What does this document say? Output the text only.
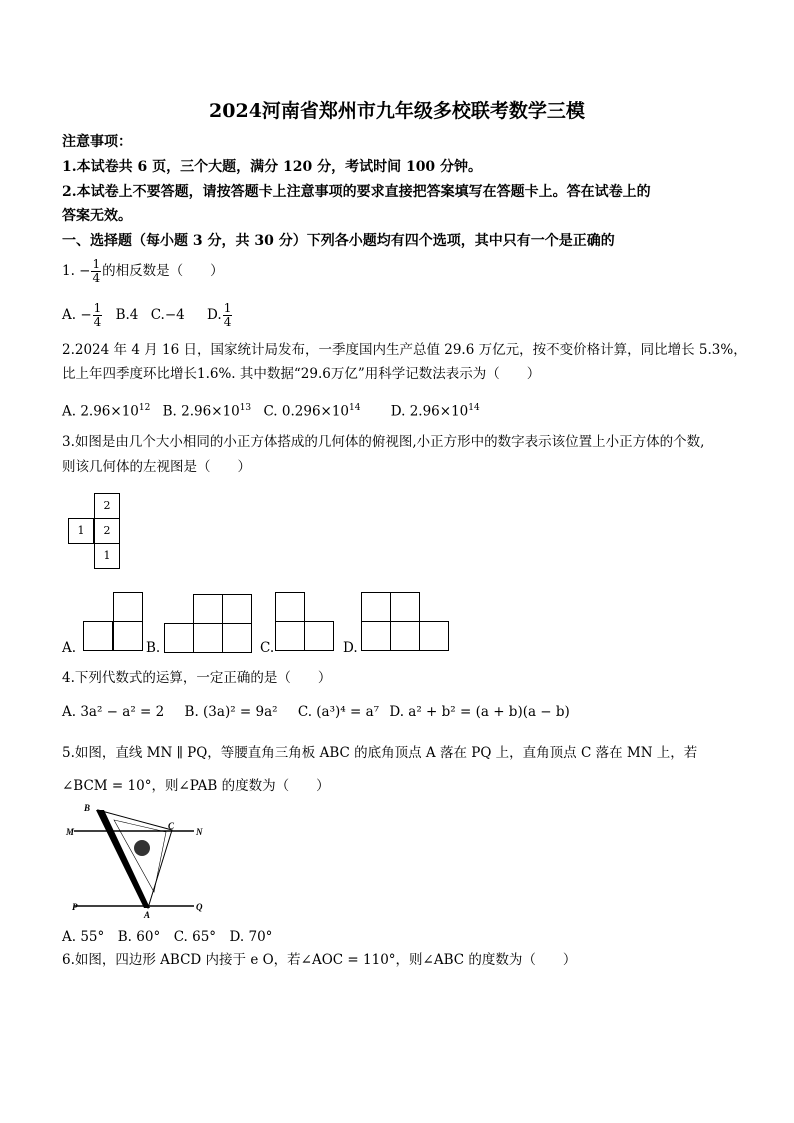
2024河南省郑州市九年级多校联考数学三模
注意事项：
1.本试卷共 6 页，三个大题，满分 120 分，考试时间 100 分钟。
2.本试卷上不要答题，请按答题卡上注意事项的要求直接把答案填写在答题卡上。答在试卷上的
答案无效。
一、选择题（每小题 3 分，共 30 分）下列各小题均有四个选项，其中只有一个是正确的
1. − $\frac{1}{4}$ 的相反数是（　　）
A. − $\frac{1}{4} B.4$ C.−4 D. $\frac{1}{4}$
2.2024 年 4 月 16 日，国家统计局发布，一季度国内生产总值 29.6 万亿元，按不变价格计算，同比增长 5.3%，
比上年四季度环比增长1.6%. 其中数据“29.6万亿”用科学记数法表示为（　　）
A. $2.96\times 10^{12}$ B. $2.96\times 10^{13}$ C. $0.296\times 10^{14}$ D. $2.96\times 10^{14}$
3.如图是由几个大小相同的小正方体搭成的几何体的俯视图,小正方形中的数字表示该位置上小正方体的个数,
则该几何体的左视图是（　　）
2
1	2
1
A.	B.	C.	D.
4.下列代数式的运算，一定正确的是（　　）
A. 3a² − a² = 2 B. (3a)² = 9a² C. (a³)⁴ = a⁷ D. a² + b² = (a + b)(a − b)
5.如图，直线 MN ∥ PQ，等腰直角三角板 ABC 的底角顶点 A 落在 PQ 上，直角顶点 C 落在 MN 上，若
∠BCM = 10°，则∠PAB 的度数为（　　）
B
C
M	N
P	Q
A
A. 55°　B. 60°　C. 65°　D. 70°
6.如图，四边形 ABCD 内接于 e O，若∠AOC = 110°，则∠ABC 的度数为（　　）
